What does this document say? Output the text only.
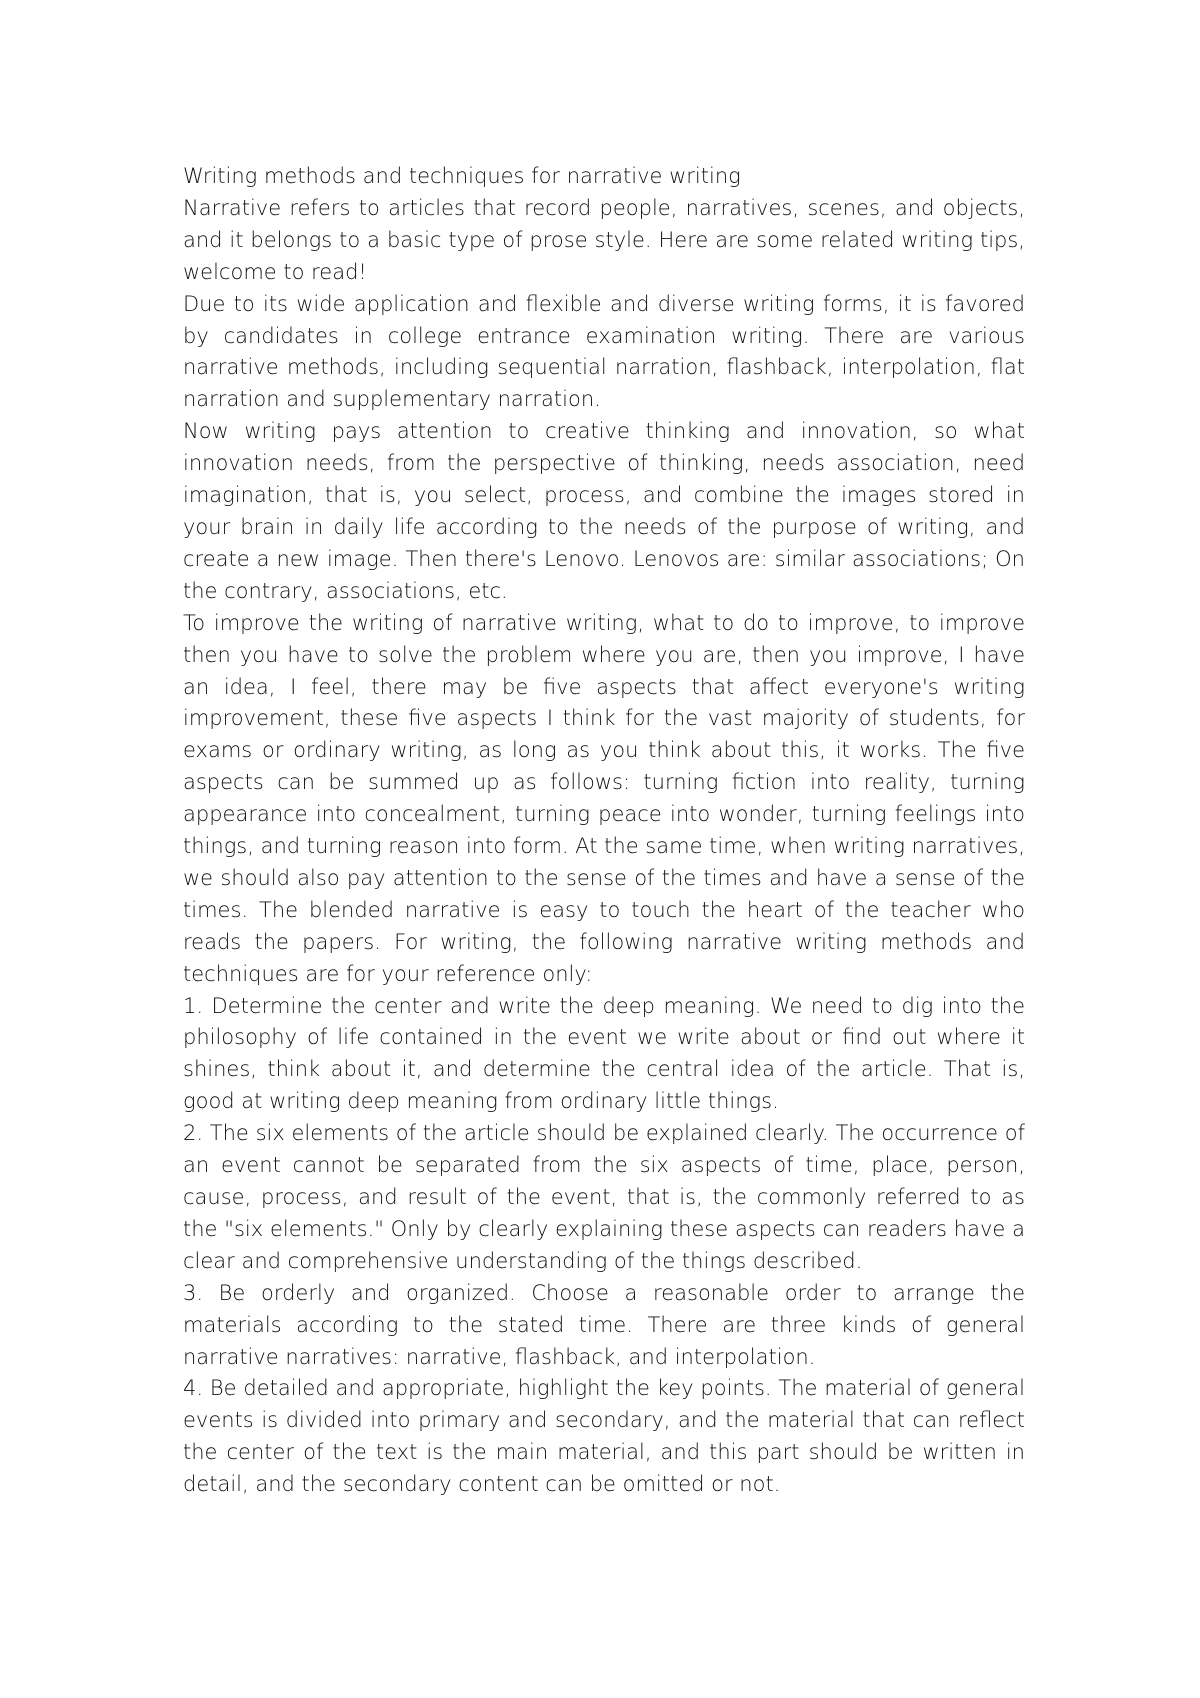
Writing methods and techniques for narrative writing

Narrative refers to articles that record people, narratives, scenes, and objects, and it belongs to a basic type of prose style. Here are some related writing tips, welcome to read!

Due to its wide application and flexible and diverse writing forms, it is favored by candidates in college entrance examination writing. There are various narrative methods, including sequential narration, flashback, interpolation, flat narration and supplementary narration.

Now writing pays attention to creative thinking and innovation, so what innovation needs, from the perspective of thinking, needs association, need imagination, that is, you select, process, and combine the images stored in your brain in daily life according to the needs of the purpose of writing, and create a new image. Then there's Lenovo. Lenovos are: similar associations; On the contrary, associations, etc.

To improve the writing of narrative writing, what to do to improve, to improve then you have to solve the problem where you are, then you improve, I have an idea, I feel, there may be five aspects that affect everyone's writing improvement, these five aspects I think for the vast majority of students, for exams or ordinary writing, as long as you think about this, it works. The five aspects can be summed up as follows: turning fiction into reality, turning appearance into concealment, turning peace into wonder, turning feelings into things, and turning reason into form. At the same time, when writing narratives, we should also pay attention to the sense of the times and have a sense of the times. The blended narrative is easy to touch the heart of the teacher who reads the papers. For writing, the following narrative writing methods and techniques are for your reference only:

1. Determine the center and write the deep meaning. We need to dig into the philosophy of life contained in the event we write about or find out where it shines, think about it, and determine the central idea of the article. That is, good at writing deep meaning from ordinary little things.

2. The six elements of the article should be explained clearly. The occurrence of an event cannot be separated from the six aspects of time, place, person, cause, process, and result of the event, that is, the commonly referred to as the "six elements." Only by clearly explaining these aspects can readers have a clear and comprehensive understanding of the things described.

3. Be orderly and organized. Choose a reasonable order to arrange the materials according to the stated time. There are three kinds of general narrative narratives: narrative, flashback, and interpolation.

4. Be detailed and appropriate, highlight the key points. The material of general events is divided into primary and secondary, and the material that can reflect the center of the text is the main material, and this part should be written in detail, and the secondary content can be omitted or not.
